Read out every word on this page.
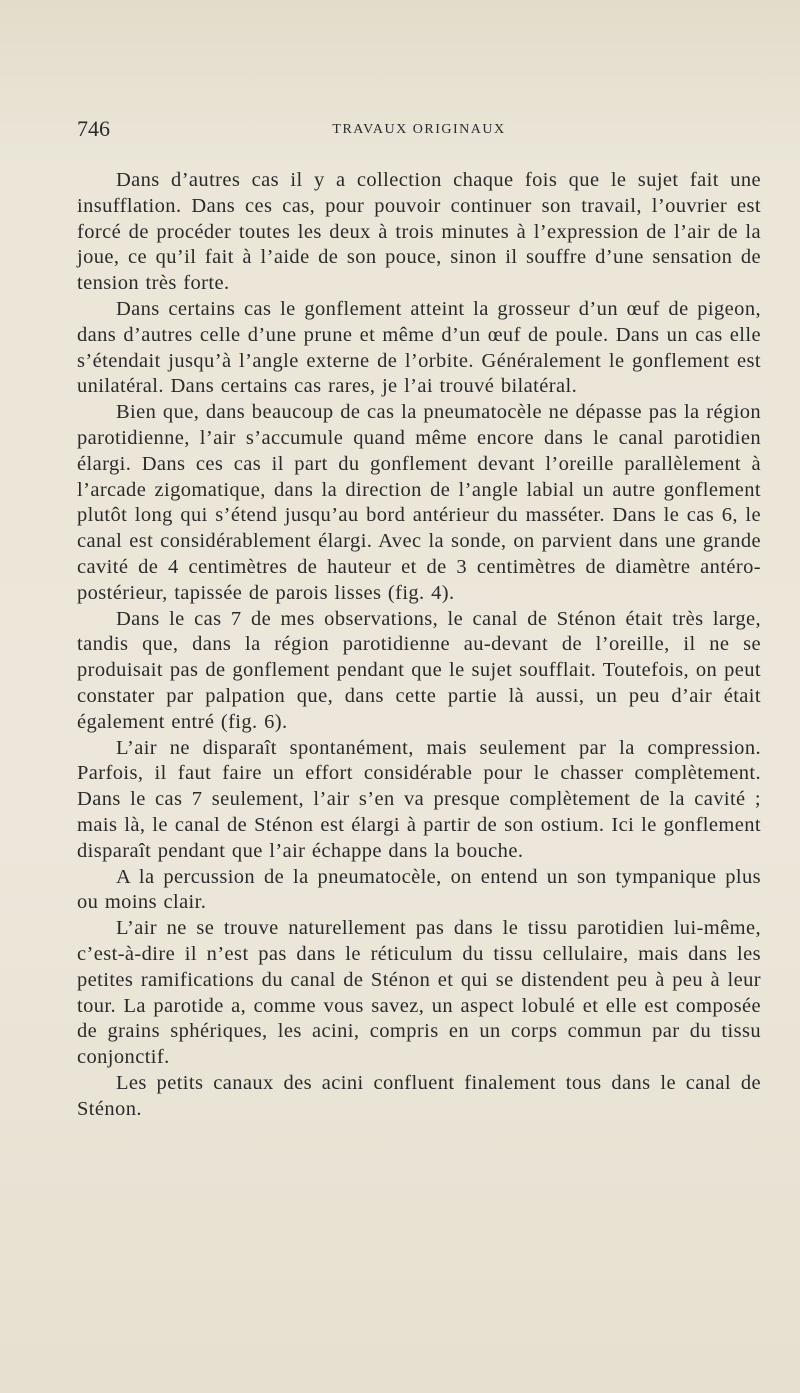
746	TRAVAUX ORIGINAUX

Dans d’autres cas il y a collection chaque fois que le sujet fait une insufflation. Dans ces cas, pour pouvoir continuer son travail, l’ouvrier est forcé de procéder toutes les deux à trois minutes à l’expression de l’air de la joue, ce qu’il fait à l’aide de son pouce, sinon il souffre d’une sensation de tension très forte.

Dans certains cas le gonflement atteint la grosseur d’un œuf de pigeon, dans d’autres celle d’une prune et même d’un œuf de poule. Dans un cas elle s’étendait jusqu’à l’angle externe de l’orbite. Généralement le gonflement est unilatéral. Dans certains cas rares, je l’ai trouvé bilatéral.

Bien que, dans beaucoup de cas la pneumatocèle ne dépasse pas la région parotidienne, l’air s’accumule quand même encore dans le canal parotidien élargi. Dans ces cas il part du gonflement devant l’oreille parallèlement à l’arcade zigomatique, dans la direction de l’angle labial un autre gonflement plutôt long qui s’étend jusqu’au bord antérieur du masséter. Dans le cas 6, le canal est considérablement élargi. Avec la sonde, on parvient dans une grande cavité de 4 centimètres de hauteur et de 3 centimètres de diamètre antéro-postérieur, tapissée de parois lisses (fig. 4).

Dans le cas 7 de mes observations, le canal de Sténon était très large, tandis que, dans la région parotidienne au-devant de l’oreille, il ne se produisait pas de gonflement pendant que le sujet soufflait. Toutefois, on peut constater par palpation que, dans cette partie là aussi, un peu d’air était également entré (fig. 6).

L’air ne disparaît spontanément, mais seulement par la compression. Parfois, il faut faire un effort considérable pour le chasser complètement. Dans le cas 7 seulement, l’air s’en va presque complètement de la cavité ; mais là, le canal de Sténon est élargi à partir de son ostium. Ici le gonflement disparaît pendant que l’air échappe dans la bouche.

A la percussion de la pneumatocèle, on entend un son tympanique plus ou moins clair.

L’air ne se trouve naturellement pas dans le tissu parotidien lui-même, c’est-à-dire il n’est pas dans le réticulum du tissu cellulaire, mais dans les petites ramifications du canal de Sténon et qui se distendent peu à peu à leur tour. La parotide a, comme vous savez, un aspect lobulé et elle est composée de grains sphériques, les acini, compris en un corps commun par du tissu conjonctif.

Les petits canaux des acini confluent finalement tous dans le canal de Sténon.
